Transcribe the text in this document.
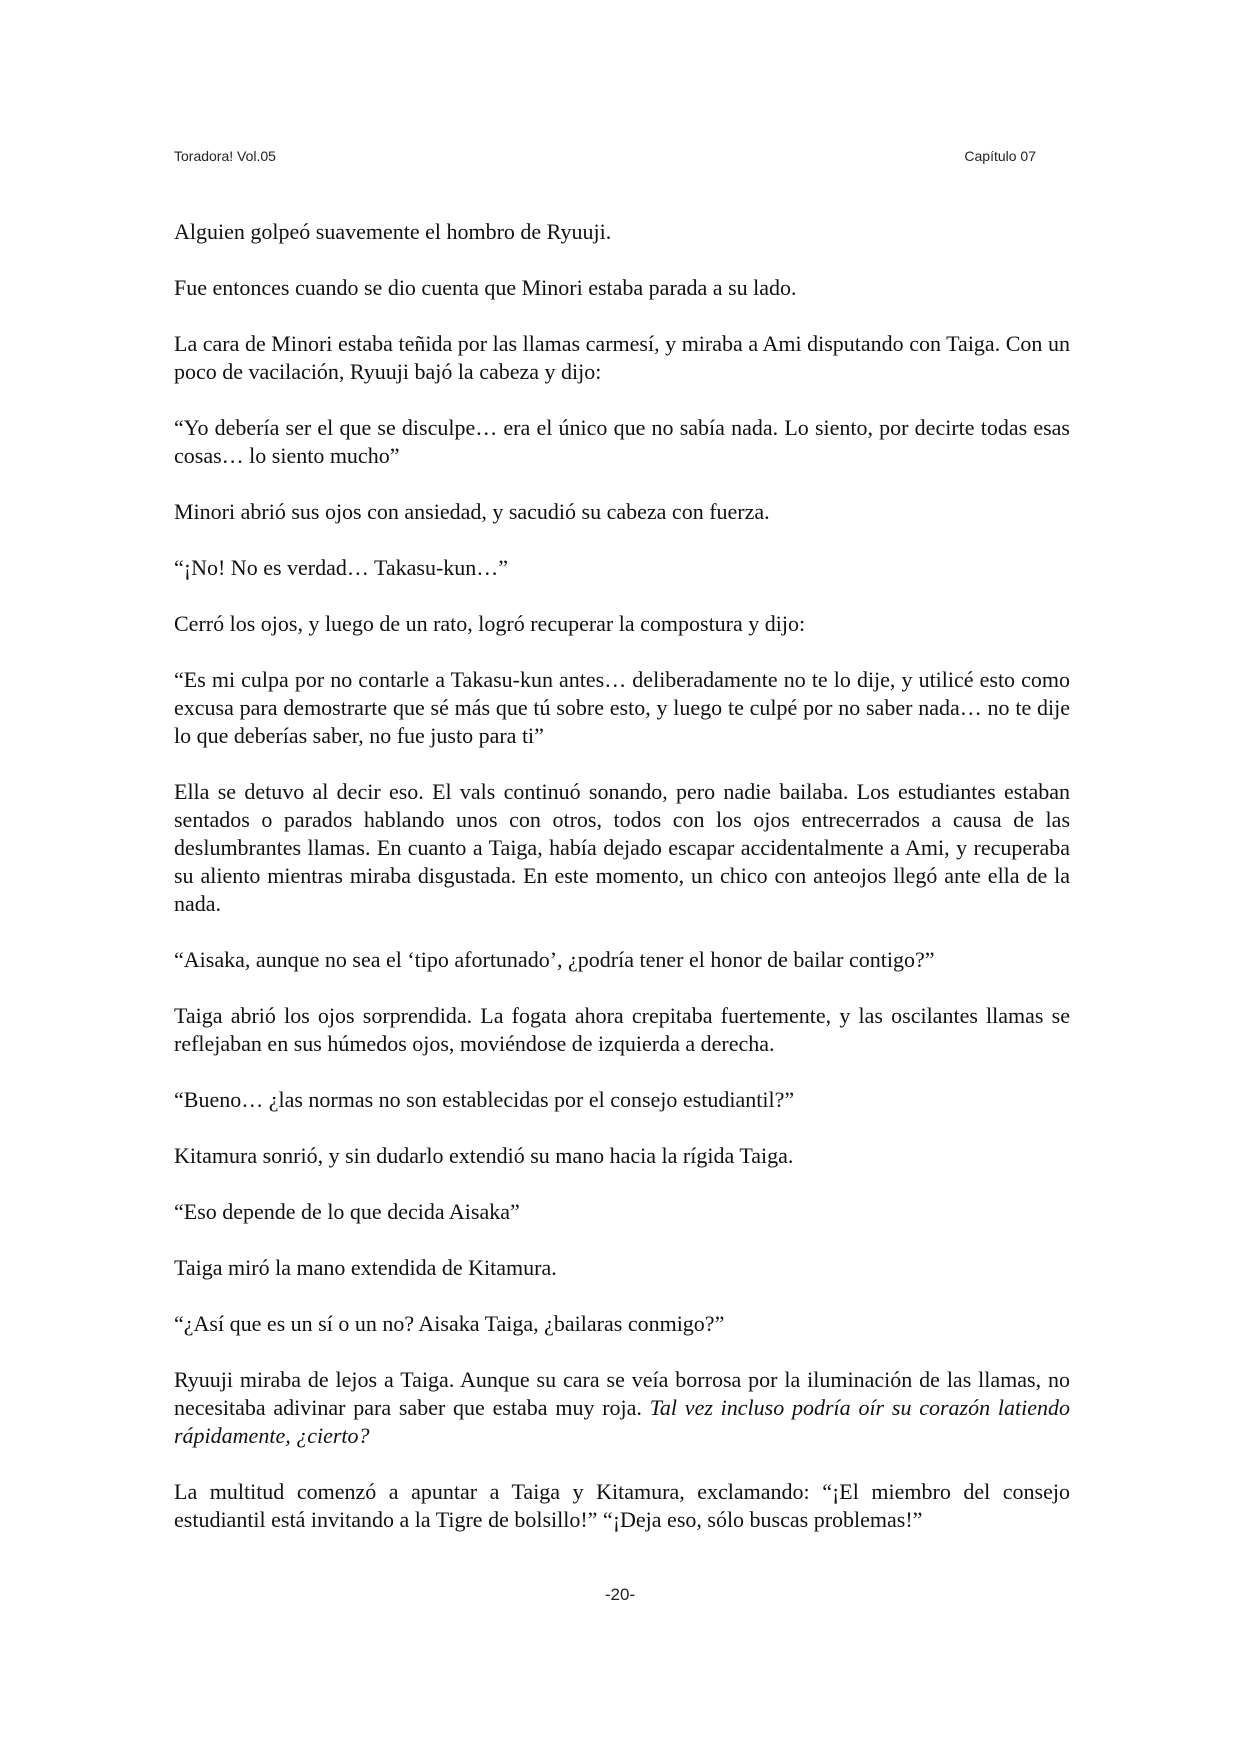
Toradora! Vol.05	Capítulo 07

Alguien golpeó suavemente el hombro de Ryuuji.

Fue entonces cuando se dio cuenta que Minori estaba parada a su lado.

La cara de Minori estaba teñida por las llamas carmesí, y miraba a Ami disputando con Taiga. Con un poco de vacilación, Ryuuji bajó la cabeza y dijo:

“Yo debería ser el que se disculpe… era el único que no sabía nada. Lo siento, por decirte todas esas cosas… lo siento mucho”

Minori abrió sus ojos con ansiedad, y sacudió su cabeza con fuerza.

“¡No! No es verdad… Takasu-kun…”

Cerró los ojos, y luego de un rato, logró recuperar la compostura y dijo:

“Es mi culpa por no contarle a Takasu-kun antes… deliberadamente no te lo dije, y utilicé esto como excusa para demostrarte que sé más que tú sobre esto, y luego te culpé por no saber nada… no te dije lo que deberías saber, no fue justo para ti”

Ella se detuvo al decir eso. El vals continuó sonando, pero nadie bailaba. Los estudiantes estaban sentados o parados hablando unos con otros, todos con los ojos entrecerrados a causa de las deslumbrantes llamas. En cuanto a Taiga, había dejado escapar accidentalmente a Ami, y recuperaba su aliento mientras miraba disgustada. En este momento, un chico con anteojos llegó ante ella de la nada.

“Aisaka, aunque no sea el ‘tipo afortunado’, ¿podría tener el honor de bailar contigo?”

Taiga abrió los ojos sorprendida. La fogata ahora crepitaba fuertemente, y las oscilantes llamas se reflejaban en sus húmedos ojos, moviéndose de izquierda a derecha.

“Bueno… ¿las normas no son establecidas por el consejo estudiantil?”

Kitamura sonrió, y sin dudarlo extendió su mano hacia la rígida Taiga.

“Eso depende de lo que decida Aisaka”

Taiga miró la mano extendida de Kitamura.

“¿Así que es un sí o un no? Aisaka Taiga, ¿bailaras conmigo?”

Ryuuji miraba de lejos a Taiga. Aunque su cara se veía borrosa por la iluminación de las llamas, no necesitaba adivinar para saber que estaba muy roja. Tal vez incluso podría oír su corazón latiendo rápidamente, ¿cierto?

La multitud comenzó a apuntar a Taiga y Kitamura, exclamando: “¡El miembro del consejo estudiantil está invitando a la Tigre de bolsillo!” “¡Deja eso, sólo buscas problemas!”

-20-
